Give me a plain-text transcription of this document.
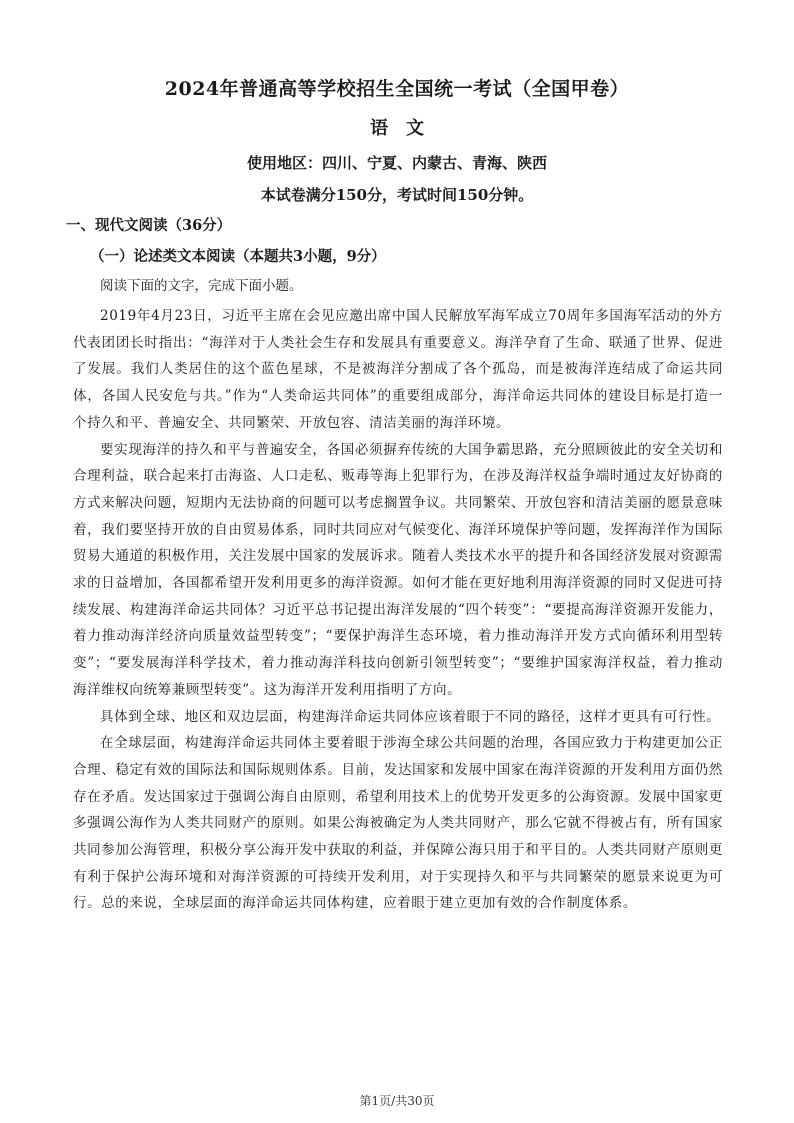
2024年普通高等学校招生全国统一考试（全国甲卷）
语　文
使用地区：四川、宁夏、内蒙古、青海、陕西
本试卷满分150分，考试时间150分钟。
一、现代文阅读（36分）
（一）论述类文本阅读（本题共3小题，9分）
阅读下面的文字，完成下面小题。

2019年4月23日，习近平主席在会见应邀出席中国人民解放军海军成立70周年多国海军活动的外方代表团团长时指出：“海洋对于人类社会生存和发展具有重要意义。海洋孕育了生命、联通了世界、促进了发展。我们人类居住的这个蓝色星球，不是被海洋分割成了各个孤岛，而是被海洋连结成了命运共同体，各国人民安危与共。”作为“人类命运共同体”的重要组成部分，海洋命运共同体的建设目标是打造一个持久和平、普遍安全、共同繁荣、开放包容、清洁美丽的海洋环境。

要实现海洋的持久和平与普遍安全，各国必须摒弃传统的大国争霸思路，充分照顾彼此的安全关切和合理利益，联合起来打击海盗、人口走私、贩毒等海上犯罪行为，在涉及海洋权益争端时通过友好协商的方式来解决问题，短期内无法协商的问题可以考虑搁置争议。共同繁荣、开放包容和清洁美丽的愿景意味着，我们要坚持开放的自由贸易体系，同时共同应对气候变化、海洋环境保护等问题，发挥海洋作为国际贸易大通道的积极作用，关注发展中国家的发展诉求。随着人类技术水平的提升和各国经济发展对资源需求的日益增加，各国都希望开发利用更多的海洋资源。如何才能在更好地利用海洋资源的同时又促进可持续发展、构建海洋命运共同体？习近平总书记提出海洋发展的“四个转变”：“要提高海洋资源开发能力，着力推动海洋经济向质量效益型转变”；“要保护海洋生态环境，着力推动海洋开发方式向循环利用型转变”；“要发展海洋科学技术，着力推动海洋科技向创新引领型转变”；“要维护国家海洋权益，着力推动海洋维权向统筹兼顾型转变”。这为海洋开发利用指明了方向。

具体到全球、地区和双边层面，构建海洋命运共同体应该着眼于不同的路径，这样才更具有可行性。

在全球层面，构建海洋命运共同体主要着眼于涉海全球公共问题的治理，各国应致力于构建更加公正合理、稳定有效的国际法和国际规则体系。目前，发达国家和发展中国家在海洋资源的开发利用方面仍然存在矛盾。发达国家过于强调公海自由原则，希望利用技术上的优势开发更多的公海资源。发展中国家更多强调公海作为人类共同财产的原则。如果公海被确定为人类共同财产，那么它就不得被占有，所有国家共同参加公海管理，积极分享公海开发中获取的利益，并保障公海只用于和平目的。人类共同财产原则更有利于保护公海环境和对海洋资源的可持续开发利用，对于实现持久和平与共同繁荣的愿景来说更为可行。总的来说，全球层面的海洋命运共同体构建，应着眼于建立更加有效的合作制度体系。

第1页/共30页
